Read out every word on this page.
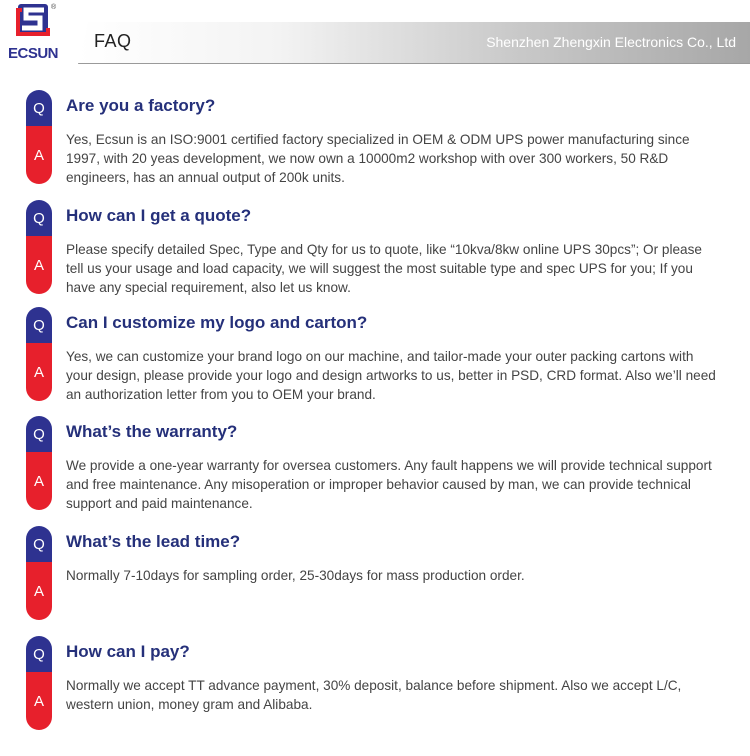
®
ECSUN
FAQ	Shenzhen Zhengxin Electronics Co., Ltd
Q
A
Are you a factory?
Yes, Ecsun is an ISO:9001 certified factory specialized in OEM & ODM UPS power manufacturing since 1997, with 20 yeas development, we now own a 10000m2 workshop with over 300 workers, 50 R&D engineers, has an annual output of 200k units.
Q
A
How can I get a quote?
Please specify detailed Spec, Type and Qty for us to quote, like “10kva/8kw online UPS 30pcs”; Or please tell us your usage and load capacity, we will suggest the most suitable type and spec UPS for you; If you have any special requirement, also let us know.
Q
A
Can I customize my logo and carton?
Yes, we can customize your brand logo on our machine, and tailor-made your outer packing cartons with your design, please provide your logo and design artworks to us, better in PSD, CRD format. Also we’ll need an authorization letter from you to OEM your brand.
Q
A
What’s the warranty?
We provide a one-year warranty for oversea customers. Any fault happens we will provide technical support and free maintenance. Any misoperation or improper behavior caused by man, we can provide technical support and paid maintenance.
Q
A
What’s the lead time?
Normally 7-10days for sampling order, 25-30days for mass production order.
Q
A
How can I pay?
Normally we accept TT advance payment, 30% deposit, balance before shipment. Also we accept L/C, western union, money gram and Alibaba.
